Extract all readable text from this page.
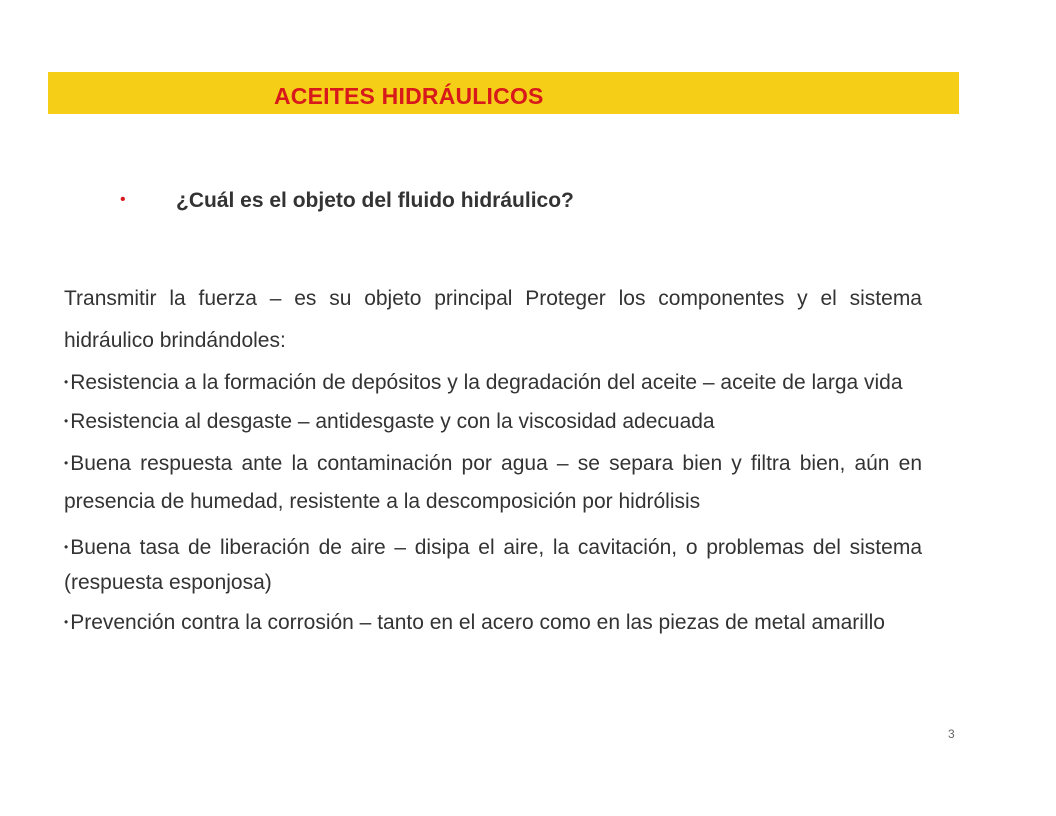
ACEITES HIDRÁULICOS
• ¿Cuál es el objeto del fluido hidráulico?

Transmitir la fuerza – es su objeto principal Proteger los componentes y el sistema hidráulico brindándoles:

•Resistencia a la formación de depósitos y la degradación del aceite – aceite de larga vida

•Resistencia al desgaste – antidesgaste y con la viscosidad adecuada

•Buena respuesta ante la contaminación por agua – se separa bien y filtra bien, aún en presencia de humedad, resistente a la descomposición por hidrólisis

•Buena tasa de liberación de aire – disipa el aire, la cavitación, o problemas del sistema (respuesta esponjosa)

•Prevención contra la corrosión – tanto en el acero como en las piezas de metal amarillo

3
